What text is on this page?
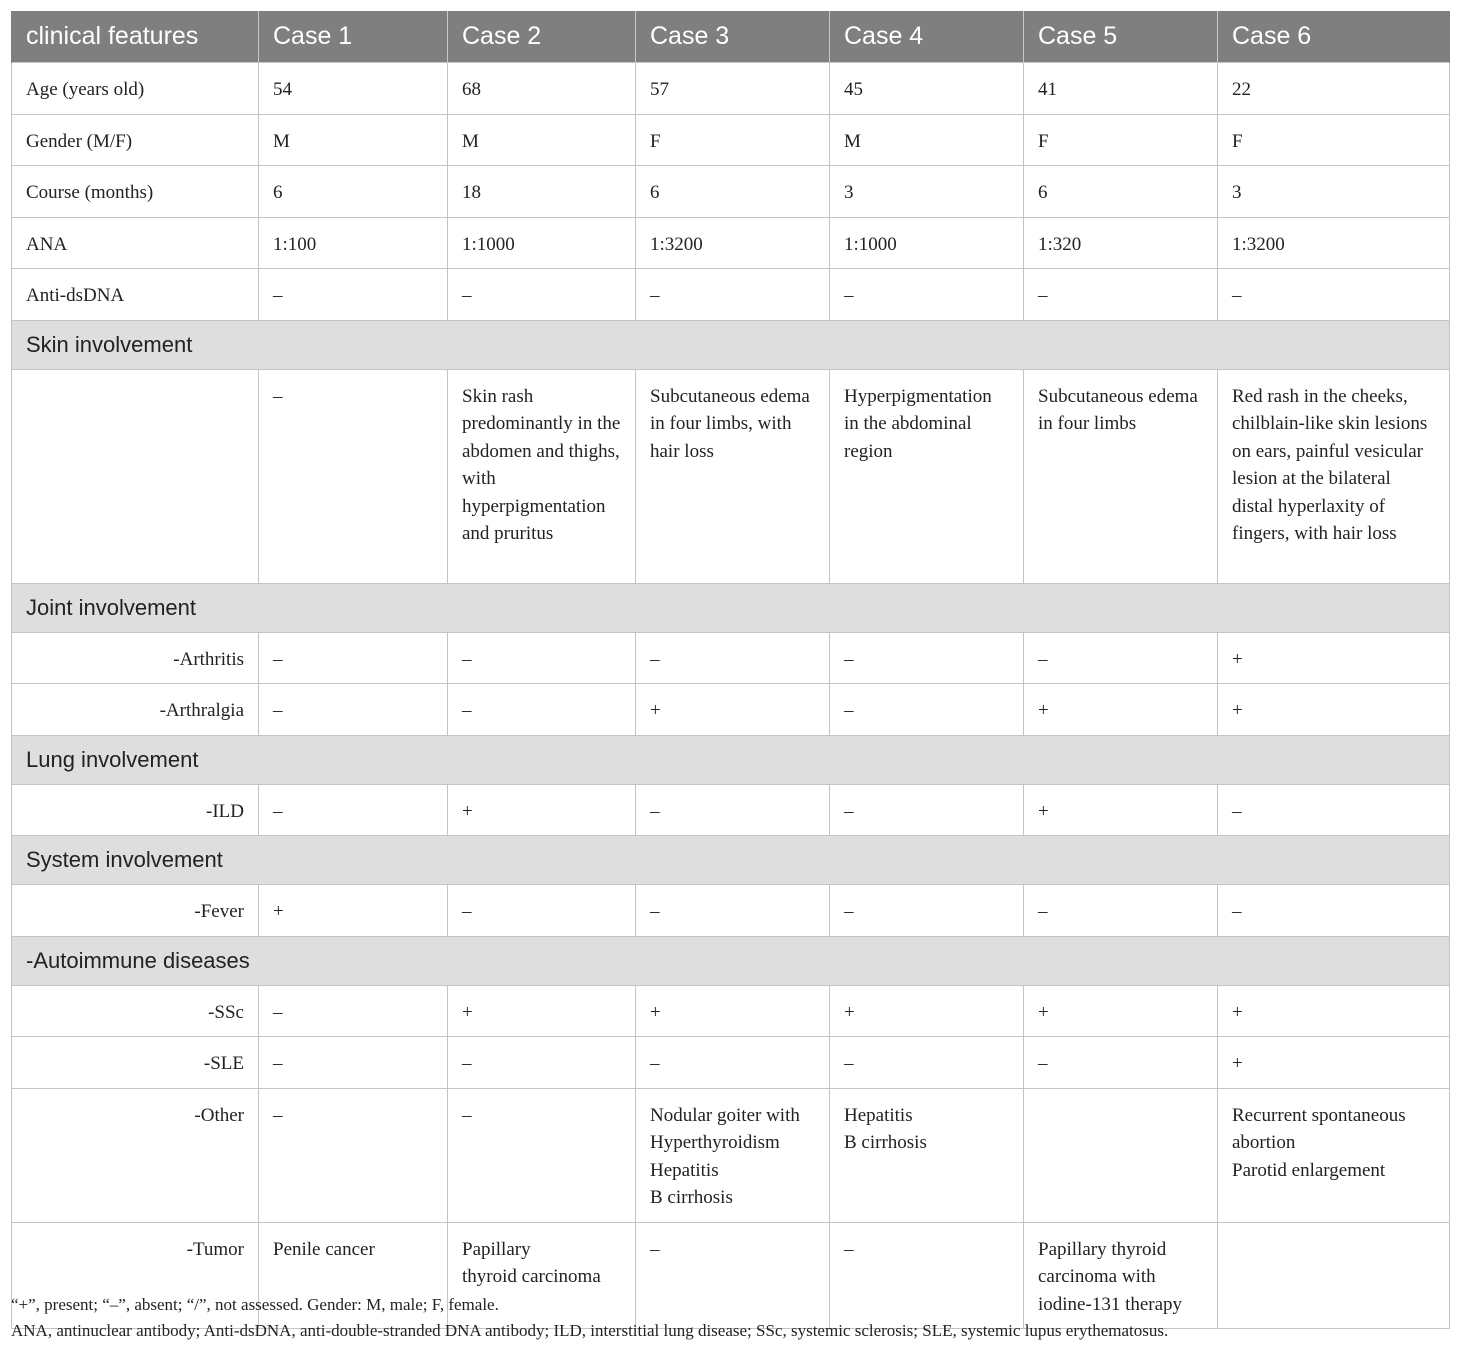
clinical features	Case 1	Case 2	Case 3	Case 4	Case 5	Case 6
Age (years old)	54	68	57	45	41	22
Gender (M/F)	M	M	F	M	F	F
Course (months)	6	18	6	3	6	3
ANA	1:100	1:1000	1:3200	1:1000	1:320	1:3200
Anti-dsDNA	–	–	–	–	–	–
Skin involvement						
	–	Skin rash predominantly in the abdomen and thighs, with hyperpigmentation and pruritus	Subcutaneous edema in four limbs, with hair loss	Hyperpigmentation in the abdominal region	Subcutaneous edema in four limbs	Red rash in the cheeks, chilblain-like skin lesions on ears, painful vesicular lesion at the bilateral distal hyperlaxity of fingers, with hair loss
Joint involvement						
-Arthritis	–	–	–	–	–	+
-Arthralgia	–	–	+	–	+	+
Lung involvement						
-ILD	–	+	–	–	+	–
System involvement						
-Fever	+	–	–	–	–	–
-Autoimmune diseases						
-SSc	–	+	+	+	+	+
-SLE	–	–	–	–	–	+
-Other	–	–	Nodular goiter with
Hyperthyroidism
Hepatitis
B cirrhosis	Hepatitis
B cirrhosis		Recurrent spontaneous
abortion
Parotid enlargement

-Tumor	Penile cancer	Papillary
thyroid carcinoma	–	–	Papillary thyroid
carcinoma with
iodine-131 therapy	

“+”, present; “–”, absent; “/”, not assessed. Gender: M, male; F, female.
ANA, antinuclear antibody; Anti-dsDNA, anti-double-stranded DNA antibody; ILD, interstitial lung disease; SSc, systemic sclerosis; SLE, systemic lupus erythematosus.
